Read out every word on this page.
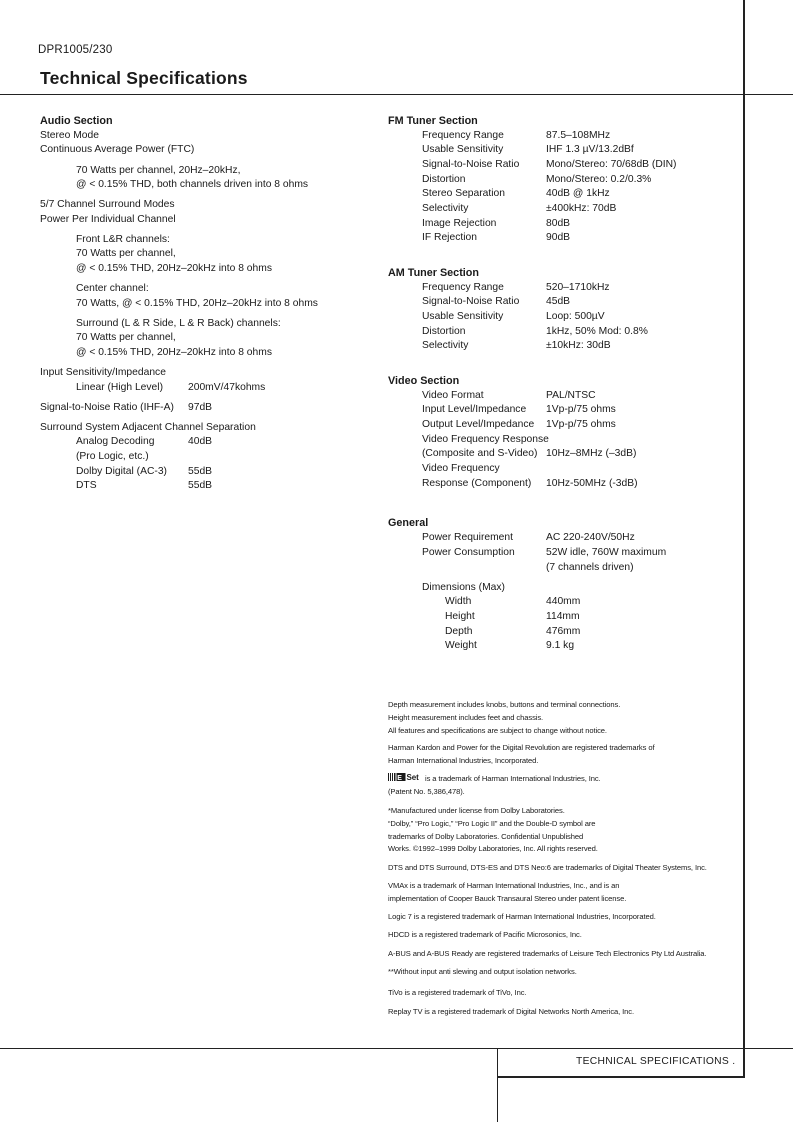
DPR1005/230
Technical Specifications
Audio Section
Stereo Mode
Continuous Average Power (FTC)
70 Watts per channel, 20Hz–20kHz,
@ < 0.15% THD, both channels driven into 8 ohms
5/7 Channel Surround Modes
Power Per Individual Channel
Front L&R channels:
70 Watts per channel,
@ < 0.15% THD, 20Hz–20kHz into 8 ohms
Center channel:
70 Watts, @ < 0.15% THD, 20Hz–20kHz into 8 ohms
Surround (L & R Side, L & R Back) channels:
70 Watts per channel,
@ < 0.15% THD, 20Hz–20kHz into 8 ohms
Input Sensitivity/Impedance
Linear (High Level) 200mV/47kohms
Signal-to-Noise Ratio (IHF-A) 97dB
Surround System Adjacent Channel Separation
Analog Decoding	40dB
(Pro Logic, etc.)
Dolby Digital (AC-3) 55dB
DTS	55dB
FM Tuner Section
Frequency Range	87.5–108MHz
Usable Sensitivity	IHF 1.3 µV/13.2dBf
Signal-to-Noise Ratio	Mono/Stereo: 70/68dB (DIN)
Distortion	Mono/Stereo: 0.2/0.3%
Stereo Separation	40dB @ 1kHz
Selectivity	±400kHz: 70dB
Image Rejection	80dB
IF Rejection	90dB
AM Tuner Section
Frequency Range	520–1710kHz
Signal-to-Noise Ratio	45dB
Usable Sensitivity	Loop: 500µV
Distortion	1kHz, 50% Mod: 0.8%
Selectivity	±10kHz: 30dB
Video Section
Video Format	PAL/NTSC
Input Level/Impedance 1Vp-p/75 ohms
Output Level/Impedance 1Vp-p/75 ohms
Video Frequency Response
(Composite and S-Video) 10Hz–8MHz (–3dB)
Video Frequency
Response (Component) 10Hz-50MHz (-3dB)
General
Power Requirement	AC 220-240V/50Hz
Power Consumption	52W idle, 760W maximum
(7 channels driven)
Dimensions (Max)
Width	440mm
Height	114mm
Depth	476mm
Weight	9.1 kg
Depth measurement includes knobs, buttons and terminal connections.
Height measurement includes feet and chassis.
All features and specifications are subject to change without notice.
Harman Kardon and Power for the Digital Revolution are registered trademarks of
Harman International Industries, Incorporated.
E Set is a trademark of Harman International Industries, Inc.
(Patent No. 5,386,478).
*Manufactured under license from Dolby Laboratories.
“Dolby,” “Pro Logic,” “Pro Logic II” and the Double-D symbol are
trademarks of Dolby Laboratories. Confidential Unpublished
Works. ©1992–1999 Dolby Laboratories, Inc. All rights reserved.
DTS and DTS Surround, DTS-ES and DTS Neo:6 are trademarks of Digital Theater Systems, Inc.
VMAx is a trademark of Harman International Industries, Inc., and is an
implementation of Cooper Bauck Transaural Stereo under patent license.
Logic 7 is a registered trademark of Harman International Industries, Incorporated.
HDCD is a registered trademark of Pacific Microsonics, Inc.
A-BUS and A-BUS Ready are registered trademarks of Leisure Tech Electronics Pty Ltd Australia.
**Without input anti slewing and output isolation networks.
TiVo is a registered trademark of TiVo, Inc.
Replay TV is a registered trademark of Digital Networks North America, Inc.
TECHNICAL SPECIFICATIONS .
